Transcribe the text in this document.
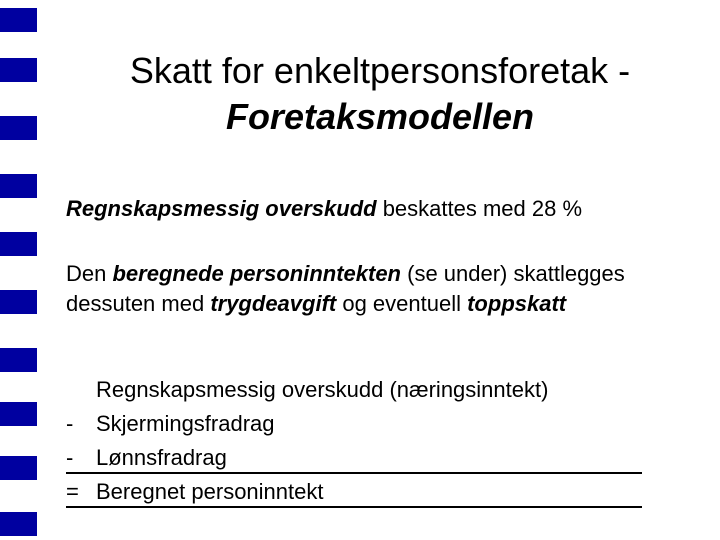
Skatt for enkeltpersonsforetak -
Foretaksmodellen
Regnskapsmessig overskudd beskattes med 28 %
Den beregnede personinntekten (se under) skattlegges dessuten med trygdeavgift og eventuell toppskatt
Regnskapsmessig overskudd (næringsinntekt)
-	Skjermingsfradrag
-	Lønnsfradrag
= Beregnet personinntekt
